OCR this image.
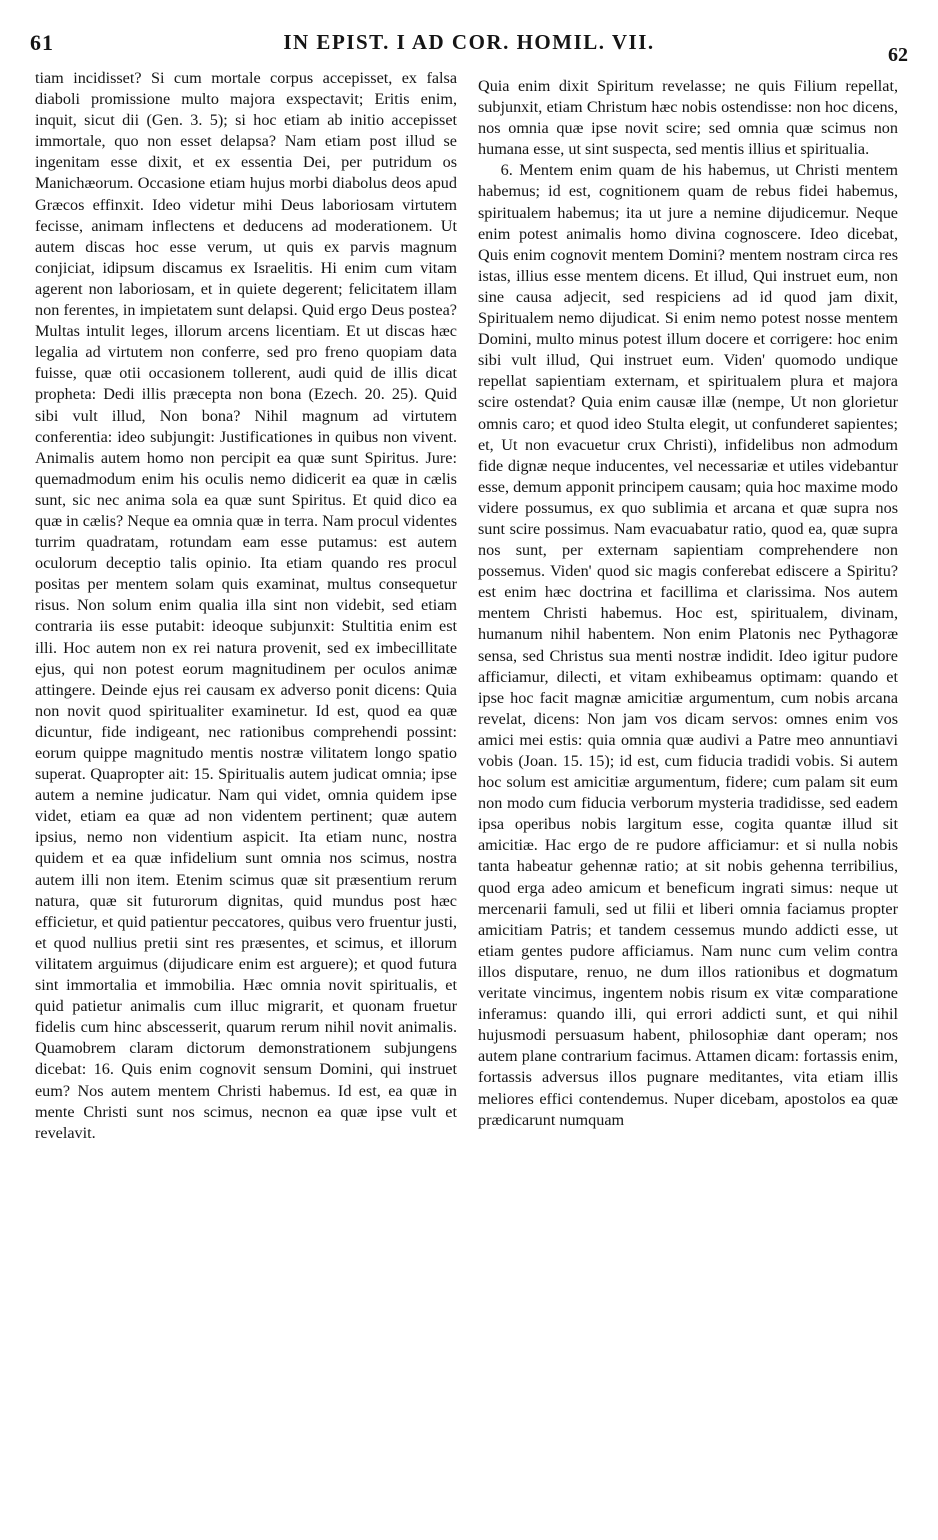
61	IN EPIST. I AD COR. HOMIL. VII.
62

tiam incidisset? Si cum mortale corpus accepisset, ex falsa diaboli promissione multo majora exspectavit; Eritis enim, inquit, sicut dii (Gen. 3. 5); si hoc etiam ab initio accepisset immortale, quo non esset delapsa? Nam etiam post illud se ingenitam esse dixit, et ex essentia Dei, per putridum os Manichæorum. Occasione etiam hujus morbi diabolus deos apud Græcos effinxit. Ideo videtur mihi Deus laboriosam virtutem fecisse, animam inflectens et deducens ad moderationem. Ut autem discas hoc esse verum, ut quis ex parvis magnum conjiciat, idipsum discamus ex Israelitis. Hi enim cum vitam agerent non laboriosam, et in quiete degerent; felicitatem illam non ferentes, in impietatem sunt delapsi. Quid ergo Deus postea? Multas intulit leges, illorum arcens licentiam. Et ut discas hæc legalia ad virtutem non conferre, sed pro freno quopiam data fuisse, quæ otii occasionem tollerent, audi quid de illis dicat propheta: Dedi illis præcepta non bona (Ezech. 20. 25). Quid sibi vult illud, Non bona? Nihil magnum ad virtutem conferentia: ideo subjungit: Justificationes in quibus non vivent. Animalis autem homo non percipit ea quæ sunt Spiritus. Jure: quemadmodum enim his oculis nemo didicerit ea quæ in cælis sunt, sic nec anima sola ea quæ sunt Spiritus. Et quid dico ea quæ in cælis? Neque ea omnia quæ in terra. Nam procul videntes turrim quadratam, rotundam eam esse putamus: est autem oculorum deceptio talis opinio. Ita etiam quando res procul positas per mentem solam quis examinat, multus consequetur risus. Non solum enim qualia illa sint non videbit, sed etiam contraria iis esse putabit: ideoque subjunxit: Stultitia enim est illi. Hoc autem non ex rei natura provenit, sed ex imbecillitate ejus, qui non potest eorum magnitudinem per oculos animæ attingere. Deinde ejus rei causam ex adverso ponit dicens: Quia non novit quod spiritualiter examinetur. Id est, quod ea quæ dicuntur, fide indigeant, nec rationibus comprehendi possint: eorum quippe magnitudo mentis nostræ vilitatem longo spatio superat. Quapropter ait: 15. Spiritualis autem judicat omnia; ipse autem a nemine judicatur. Nam qui videt, omnia quidem ipse videt, etiam ea quæ ad non videntem pertinent; quæ autem ipsius, nemo non videntium aspicit. Ita etiam nunc, nostra quidem et ea quæ infidelium sunt omnia nos scimus, nostra autem illi non item. Etenim scimus quæ sit præsentium rerum natura, quæ sit futurorum dignitas, quid mundus post hæc efficietur, et quid patientur peccatores, quibus vero fruentur justi, et quod nullius pretii sint res præsentes, et scimus, et illorum vilitatem arguimus (dijudicare enim est arguere); et quod futura sint immortalia et immobilia. Hæc omnia novit spiritualis, et quid patietur animalis cum illuc migrarit, et quonam fruetur fidelis cum hinc abscesserit, quarum rerum nihil novit animalis. Quamobrem claram dictorum demonstrationem subjungens dicebat: 16. Quis enim cognovit sensum Domini, qui instruet eum? Nos autem mentem Christi habemus. Id est, ea quæ in mente Christi sunt nos scimus, necnon ea quæ ipse vult et revelavit.

Quia enim dixit Spiritum revelasse; ne quis Filium repellat, subjunxit, etiam Christum hæc nobis ostendisse: non hoc dicens, nos omnia quæ ipse novit scire; sed omnia quæ scimus non humana esse, ut sint suspecta, sed mentis illius et spiritualia.

6. Mentem enim quam de his habemus, ut Christi mentem habemus; id est, cognitionem quam de rebus fidei habemus, spiritualem habemus; ita ut jure a nemine dijudicemur. Neque enim potest animalis homo divina cognoscere. Ideo dicebat, Quis enim cognovit mentem Domini? mentem nostram circa res istas, illius esse mentem dicens. Et illud, Qui instruet eum, non sine causa adjecit, sed respiciens ad id quod jam dixit, Spiritualem nemo dijudicat. Si enim nemo potest nosse mentem Domini, multo minus potest illum docere et corrigere: hoc enim sibi vult illud, Qui instruet eum. Viden' quomodo undique repellat sapientiam externam, et spiritualem plura et majora scire ostendat? Quia enim causæ illæ (nempe, Ut non glorietur omnis caro; et quod ideo Stulta elegit, ut confunderet sapientes; et, Ut non evacuetur crux Christi), infidelibus non admodum fide dignæ neque inducentes, vel necessariæ et utiles videbantur esse, demum apponit principem causam; quia hoc maxime modo videre possumus, ex quo sublimia et arcana et quæ supra nos sunt scire possimus. Nam evacuabatur ratio, quod ea, quæ supra nos sunt, per externam sapientiam comprehendere non possemus. Viden' quod sic magis conferebat ediscere a Spiritu? est enim hæc doctrina et facillima et clarissima. Nos autem mentem Christi habemus. Hoc est, spiritualem, divinam, humanum nihil habentem. Non enim Platonis nec Pythagoræ sensa, sed Christus sua menti nostræ indidit. Ideo igitur pudore afficiamur, dilecti, et vitam exhibeamus optimam: quando et ipse hoc facit magnæ amicitiæ argumentum, cum nobis arcana revelat, dicens: Non jam vos dicam servos: omnes enim vos amici mei estis: quia omnia quæ audivi a Patre meo annuntiavi vobis (Joan. 15. 15); id est, cum fiducia tradidi vobis. Si autem hoc solum est amicitiæ argumentum, fidere; cum palam sit eum non modo cum fiducia verborum mysteria tradidisse, sed eadem ipsa operibus nobis largitum esse, cogita quantæ illud sit amicitiæ. Hac ergo de re pudore afficiamur: et si nulla nobis tanta habeatur gehennæ ratio; at sit nobis gehenna terribilius, quod erga adeo amicum et beneficum ingrati simus: neque ut mercenarii famuli, sed ut filii et liberi omnia faciamus propter amicitiam Patris; et tandem cessemus mundo addicti esse, ut etiam gentes pudore afficiamus. Nam nunc cum velim contra illos disputare, renuo, ne dum illos rationibus et dogmatum veritate vincimus, ingentem nobis risum ex vitæ comparatione inferamus: quando illi, qui errori addicti sunt, et qui nihil hujusmodi persuasum habent, philosophiæ dant operam; nos autem plane contrarium facimus. Attamen dicam: fortassis enim, fortassis adversus illos pugnare meditantes, vita etiam illis meliores effici contendemus. Nuper dicebam, apostolos ea quæ prædicarunt numquam
